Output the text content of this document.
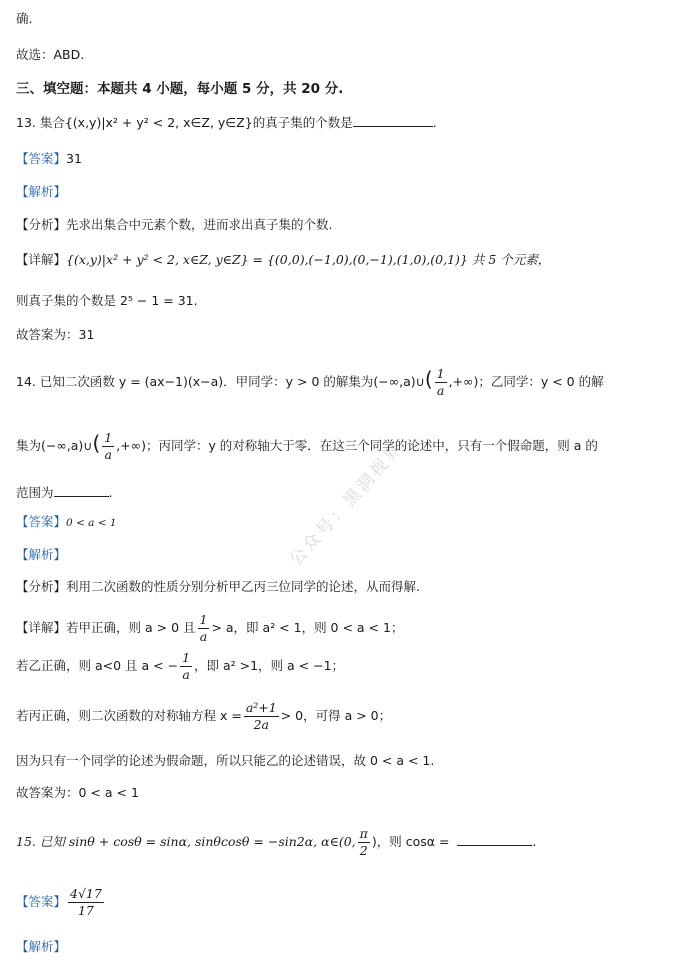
公众号：黑洞视界
确.
故选：ABD.
三、填空题：本题共 4 小题，每小题 5 分，共 20 分.
13. 集合{(x,y)|x² + y² < 2, x∈Z, y∈Z}的真子集的个数是	.
【答案】31
【解析】
【分析】先求出集合中元素个数，进而求出真子集的个数.
【详解】{(x,y)|x² + y² < 2, x∈Z, y∈Z} = {(0,0),(−1,0),(0,−1),(1,0),(0,1)} 共 5 个元素，
则真子集的个数是 2⁵ − 1 = 31.
故答案为：31
14. 已知二次函数 y = (ax−1)(x−a)．甲同学：y > 0 的解集为(−∞,a)∪( $\frac{1}{a}$ ,+∞)；乙同学：y < 0 的解
集为(−∞,a)∪( $\frac{1}{a}$ ,+∞)；丙同学：y 的对称轴大于零．在这三个同学的论述中，只有一个假命题，则 a 的
范围为	.
【答案】0 < a < 1
【解析】
【分析】利用二次函数的性质分别分析甲乙丙三位同学的论述，从而得解.
【详解】若甲正确，则 a > 0 且 $\frac{1}{a} > a$，即 a² < 1，则 0 < a < 1；
若乙正确，则 a<0 且 a < − $\frac{1}{a}$ ，即 a² >1，则 a < −1；
若丙正确，则二次函数的对称轴方程 $x = \frac{\text{a²+1}}{2a} > 0$，可得 a > 0；
因为只有一个同学的论述为假命题，所以只能乙的论述错误，故 0 < a < 1.
故答案为：0 < a < 1
15. 已知 sinθ + cosθ = sinα, sinθcosθ = −sin2α, α∈(0, $\frac{\pi}{2}$ )，则 cosα =	.
【答案】 $\frac{4√17}{17}$
【解析】
